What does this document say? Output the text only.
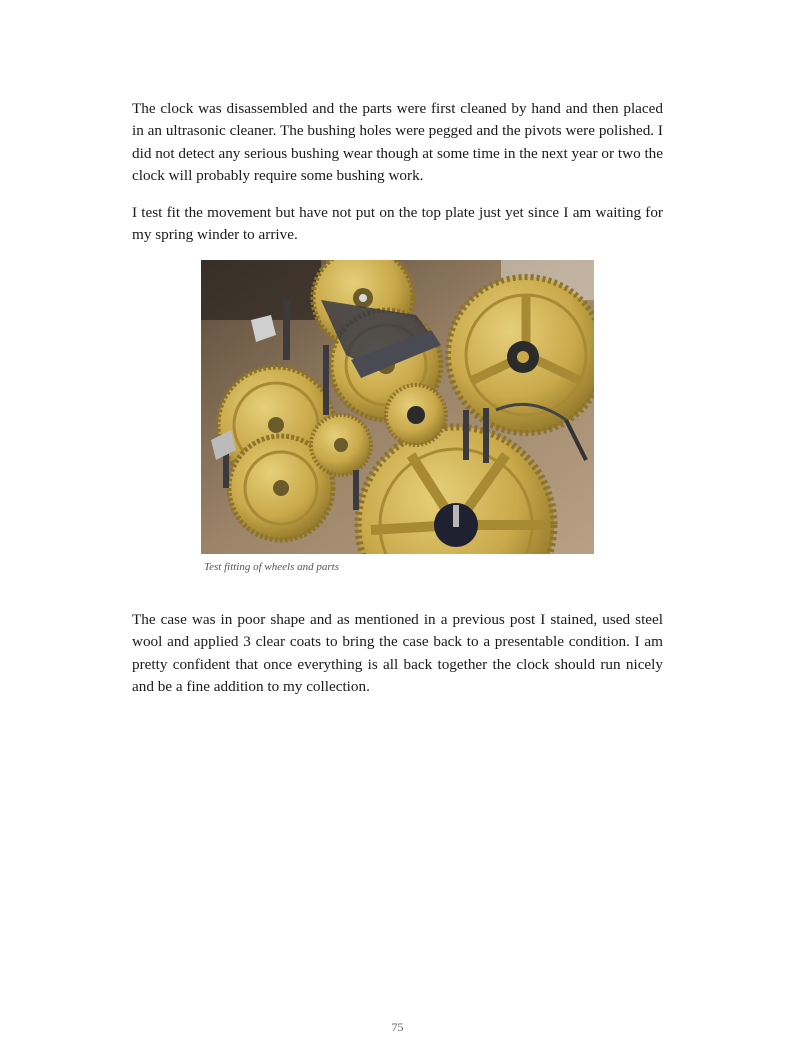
The clock was disassembled and the parts were first cleaned by hand and then placed in an ultrasonic cleaner. The bushing holes were pegged and the pivots were polished. I did not detect any serious bushing wear though at some time in the next year or two the clock will probably require some bushing work.

I test fit the movement but have not put on the top plate just yet since I am waiting for my spring winder to arrive.

Test fitting of wheels and parts

The case was in poor shape and as mentioned in a previous post I stained, used steel wool and applied 3 clear coats to bring the case back to a presentable condition. I am pretty confident that once everything is all back together the clock should run nicely and be a fine addition to my collection.

75
